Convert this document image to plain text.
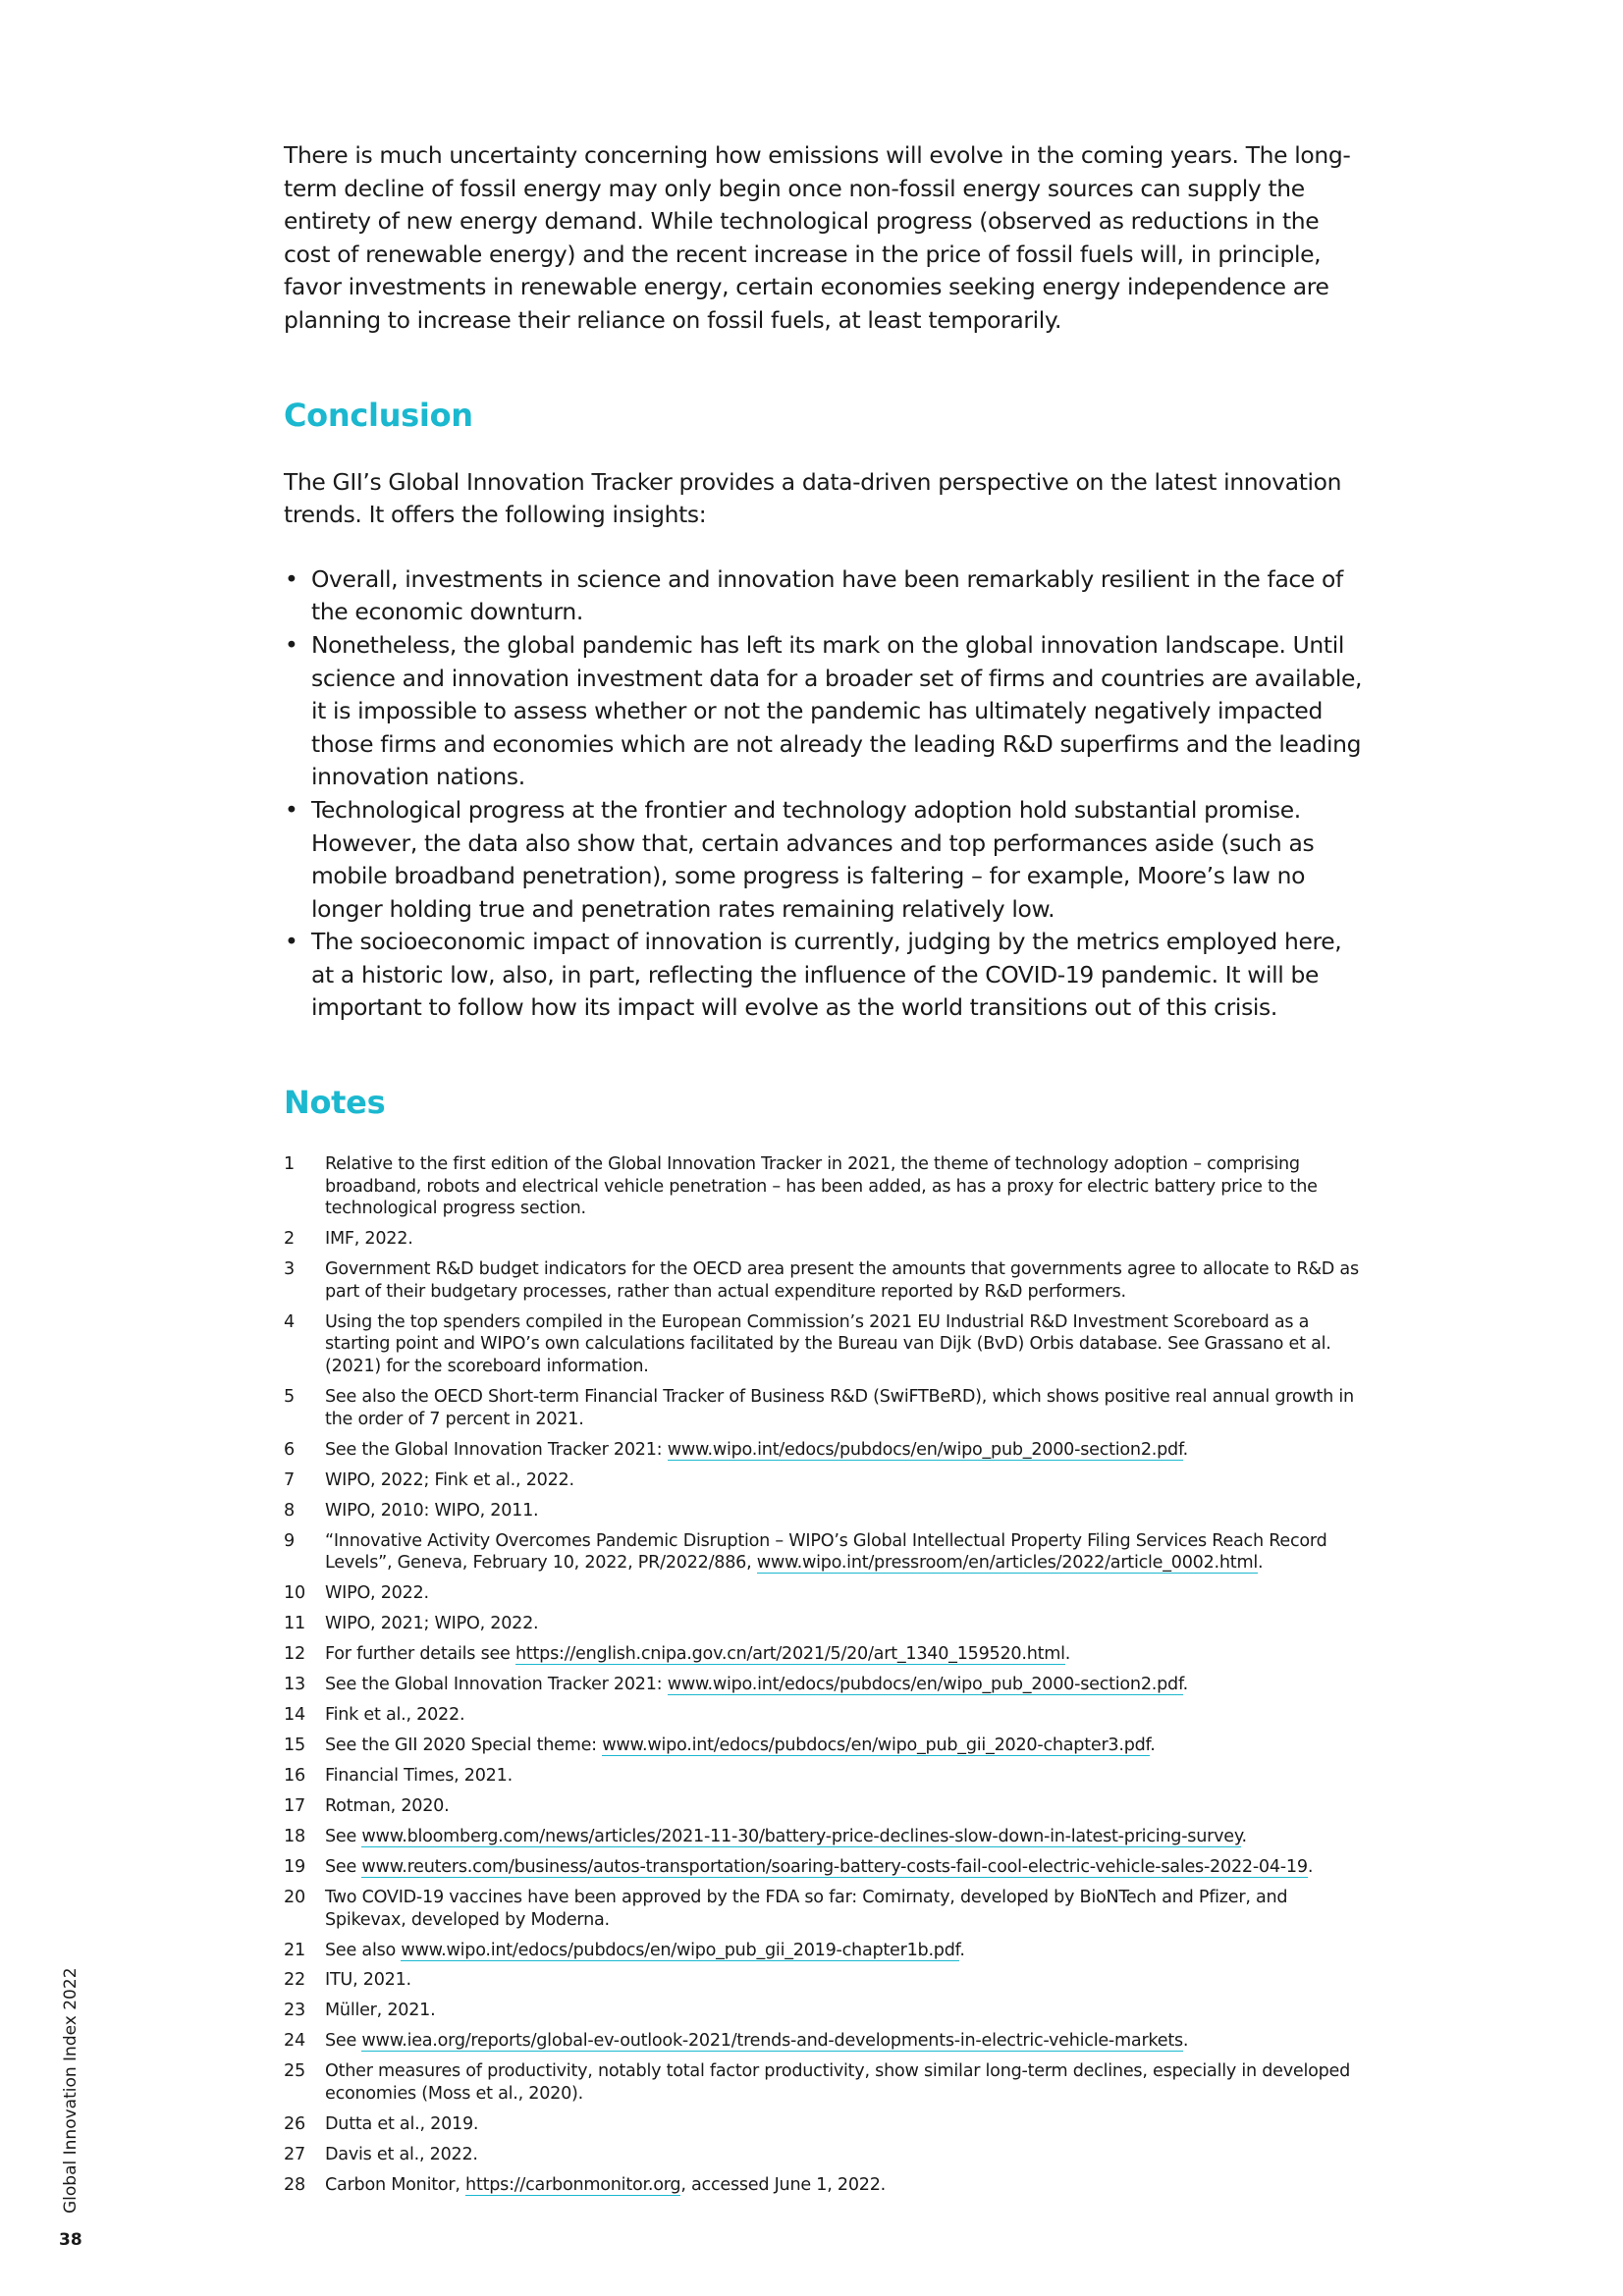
There is much uncertainty concerning how emissions will evolve in the coming years. The long-term decline of fossil energy may only begin once non-fossil energy sources can supply the entirety of new energy demand. While technological progress (observed as reductions in the cost of renewable energy) and the recent increase in the price of fossil fuels will, in principle, favor investments in renewable energy, certain economies seeking energy independence are planning to increase their reliance on fossil fuels, at least temporarily.

Conclusion

The GII’s Global Innovation Tracker provides a data-driven perspective on the latest innovation trends. It offers the following insights:

• Overall, investments in science and innovation have been remarkably resilient in the face of the economic downturn.
• Nonetheless, the global pandemic has left its mark on the global innovation landscape. Until science and innovation investment data for a broader set of firms and countries are available, it is impossible to assess whether or not the pandemic has ultimately negatively impacted those firms and economies which are not already the leading R&D superfirms and the leading innovation nations.
• Technological progress at the frontier and technology adoption hold substantial promise. However, the data also show that, certain advances and top performances aside (such as mobile broadband penetration), some progress is faltering – for example, Moore’s law no longer holding true and penetration rates remaining relatively low.
• The socioeconomic impact of innovation is currently, judging by the metrics employed here, at a historic low, also, in part, reflecting the influence of the COVID-19 pandemic. It will be important to follow how its impact will evolve as the world transitions out of this crisis.
Notes
1	Relative to the first edition of the Global Innovation Tracker in 2021, the theme of technology adoption – comprising broadband, robots and electrical vehicle penetration – has been added, as has a proxy for electric battery price to the technological progress section.
2	IMF, 2022.
3	Government R&D budget indicators for the OECD area present the amounts that governments agree to allocate to R&D as part of their budgetary processes, rather than actual expenditure reported by R&D performers.
4	Using the top spenders compiled in the European Commission’s 2021 EU Industrial R&D Investment Scoreboard as a starting point and WIPO’s own calculations facilitated by the Bureau van Dijk (BvD) Orbis database. See Grassano et al. (2021) for the scoreboard information.
5	See also the OECD Short-term Financial Tracker of Business R&D (SwiFTBeRD), which shows positive real annual growth in the order of 7 percent in 2021.
6	See the Global Innovation Tracker 2021: www.wipo.int/edocs/pubdocs/en/wipo_pub_2000-section2.pdf.
7	WIPO, 2022; Fink et al., 2022.
8	WIPO, 2010: WIPO, 2011.
9	“Innovative Activity Overcomes Pandemic Disruption – WIPO’s Global Intellectual Property Filing Services Reach Record Levels”, Geneva, February 10, 2022, PR/2022/886, www.wipo.int/pressroom/en/articles/2022/article_0002.html.
10	WIPO, 2022.
11	WIPO, 2021; WIPO, 2022.
12	For further details see https://english.cnipa.gov.cn/art/2021/5/20/art_1340_159520.html.
13	See the Global Innovation Tracker 2021: www.wipo.int/edocs/pubdocs/en/wipo_pub_2000-section2.pdf.
14	Fink et al., 2022.
15	See the GII 2020 Special theme: www.wipo.int/edocs/pubdocs/en/wipo_pub_gii_2020-chapter3.pdf.
16	Financial Times, 2021.
17	Rotman, 2020.
18	See www.bloomberg.com/news/articles/2021-11-30/battery-price-declines-slow-down-in-latest-pricing-survey.
19	See www.reuters.com/business/autos-transportation/soaring-battery-costs-fail-cool-electric-vehicle-sales-2022-04-19.
20	Two COVID-19 vaccines have been approved by the FDA so far: Comirnaty, developed by BioNTech and Pfizer, and Spikevax, developed by Moderna.
21	See also www.wipo.int/edocs/pubdocs/en/wipo_pub_gii_2019-chapter1b.pdf.
22	ITU, 2021.
23	Müller, 2021.
24	See www.iea.org/reports/global-ev-outlook-2021/trends-and-developments-in-electric-vehicle-markets.
25	Other measures of productivity, notably total factor productivity, show similar long-term declines, especially in developed economies (Moss et al., 2020).
26	Dutta et al., 2019.
27	Davis et al., 2022.
28	Carbon Monitor, https://carbonmonitor.org, accessed June 1, 2022.
Global Innovation Index 2022
38
